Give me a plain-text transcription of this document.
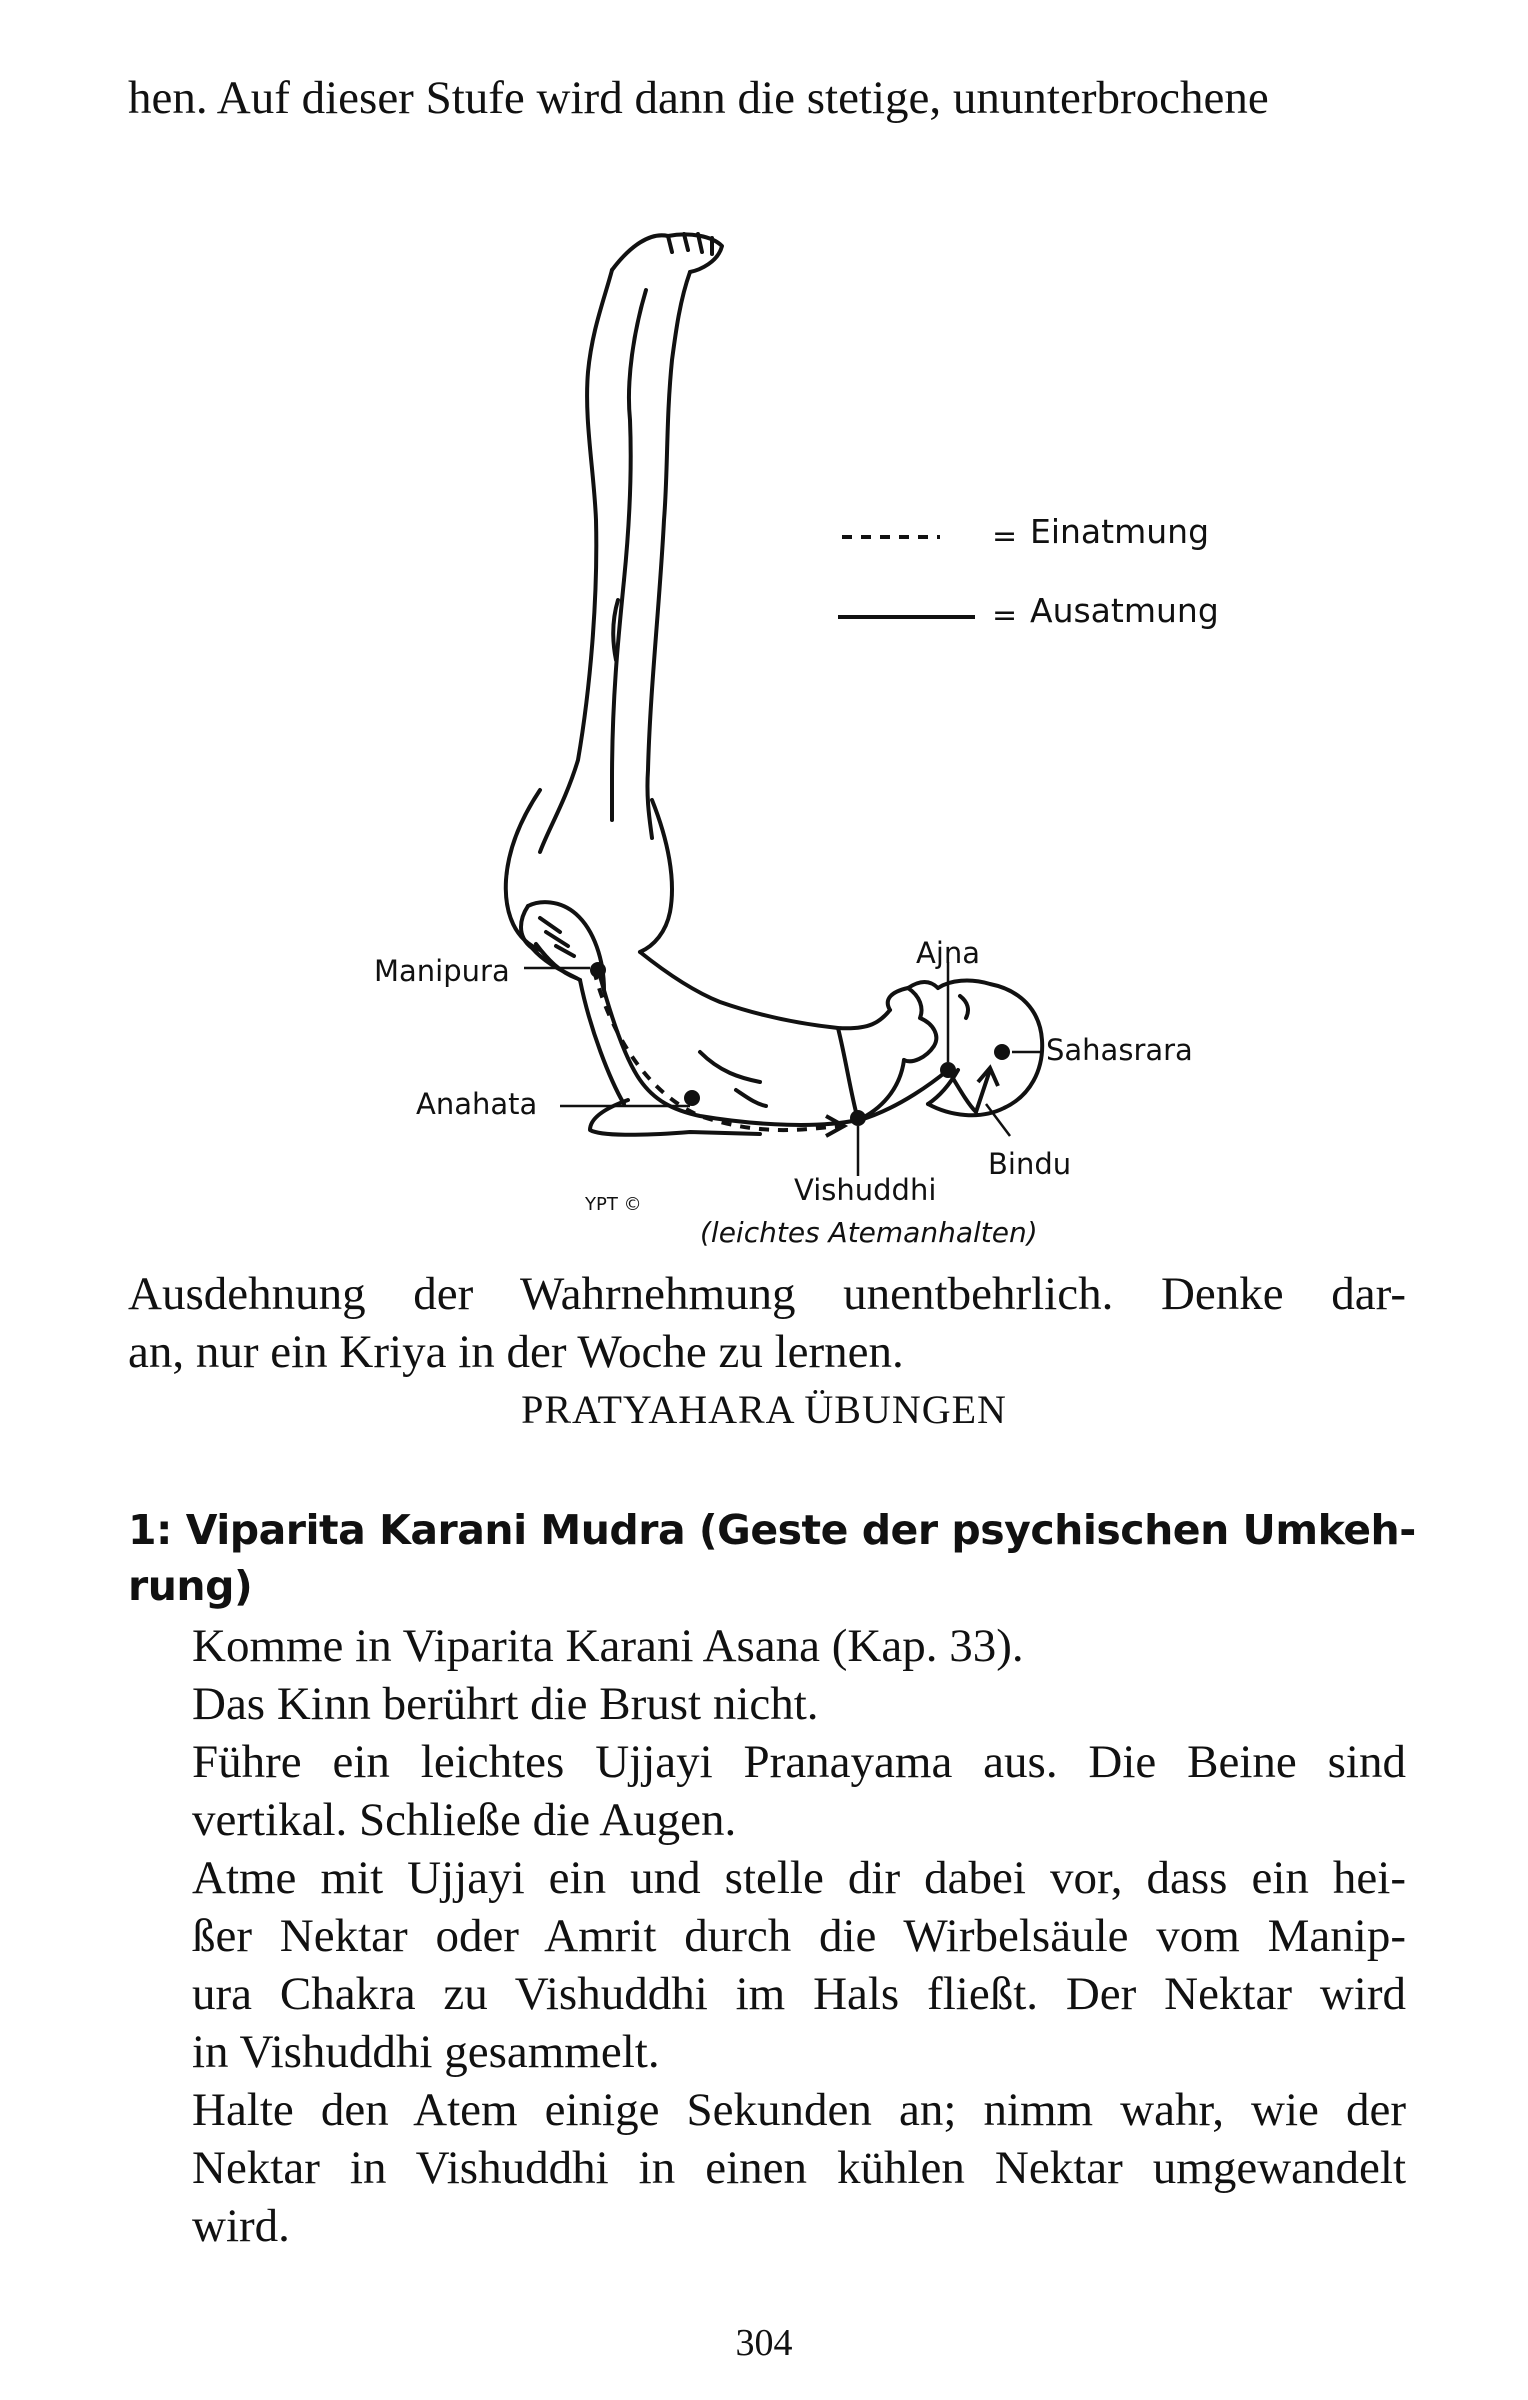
hen. Auf dieser Stufe wird dann die stetige, ununterbrochene
= Einatmung
= Ausatmung
Manipura
Anahata
Ajna
Sahasrara
Bindu
Vishuddhi
(leichtes Atemanhalten)
YPT ©
Ausdehnung der Wahrnehmung unentbehrlich. Denke dar-
an, nur ein Kriya in der Woche zu lernen.
PRATYAHARA ÜBUNGEN
1: Viparita Karani Mudra (Geste der psychischen Umkeh-
rung)
Komme in Viparita Karani Asana (Kap. 33).
Das Kinn berührt die Brust nicht.
Führe ein leichtes Ujjayi Pranayama aus. Die Beine sind
vertikal. Schließe die Augen.
Atme mit Ujjayi ein und stelle dir dabei vor, dass ein hei-
ßer Nektar oder Amrit durch die Wirbelsäule vom Manip-
ura Chakra zu Vishuddhi im Hals fließt. Der Nektar wird
in Vishuddhi gesammelt.
Halte den Atem einige Sekunden an; nimm wahr, wie der
Nektar in Vishuddhi in einen kühlen Nektar umgewandelt
wird.
304
